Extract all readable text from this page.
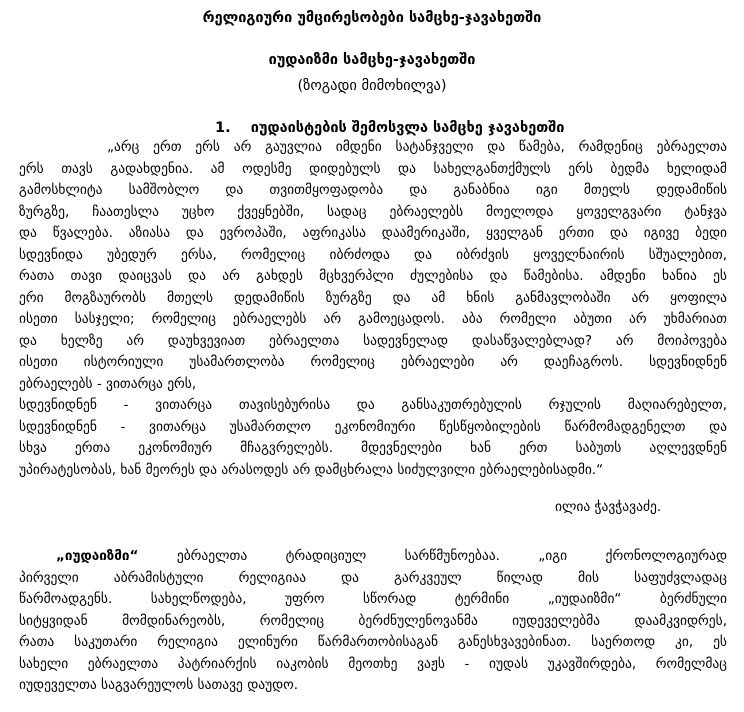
რელიგიური უმცირესობები სამცხე-ჯავახეთში
იუდაიზმი სამცხე-ჯავახეთში
(ზოგადი მიმოხილვა)
1. იუდაისტების შემოსვლა სამცხე ჯავახეთში
„არც ერთ ერს არ გაუვლია იმდენი სატანჯველი და წამება, რამდენიც ებრაელთა
ერს თავს გადახდენია. ამ ოდესმე დიდებულს და სახელგანთქმულს ერს ბედმა ხელიდამ
გამოსხლიტა სამშობლო და თვითმყოფადობა და განაბნია იგი მთელს დედამიწის
ზურგზე, ჩაათესლა უცხო ქვეყნებში, სადაც ებრაელებს მოელოდა ყოველგვარი ტანჯვა
და წვალება. აზიასა და ევროპაში, აფრიკასა დაამერიკაში, ყველგან ერთი და იგივე ბედი
სდევნიდა უბედურ ერსა, რომელიც იბრძოდა და იბრძვის ყოველნაირის სშუალებით,
რათა თავი დაიცვას და არ გახდეს მცხვერპლი ძულებისა და წამებისა. ამდენი ხანია ეს
ერი მოგზაურობს მთელს დედამიწის ზურგზე და ამ ხნის განმავლობაში არ ყოფილა
ისეთი სასჯელი; რომელიც ებრაელებს არ გამოეცადოს. აბა რომელი აბუთი არ უხმარიათ
და ხელზე არ დაუხვევიათ ებრაელთა სადევნელად დასაწვალებლად? არ მოიპოვება
ისეთი ისტორიული უსამართლობა რომელიც ებრაელები არ დაეჩაგროს. სდევნიდნენ
ებრაელებს - ვითარცა ერს,
სდევნიდნენ - ვითარცა თავისებურისა და განსაკუთრებულის რჯულის მაღიარებელთ,
სდევნიდნენ - ვითარცა უსამართლო ეკონომიური წესწყობილების წარმომადგენელთ და
სხვა ერთა ეკონომიურ მჩაგვრელებს. მდევნელები ხან ერთ საბუთს აღლევდნენ
უპირატესობას, ხან მეორეს და არასოდეს არ დამცხრალა სიძულვილი ებრაელებისადმი.“
ილია ჭავჭავაძე.
„იუდაიზმი“ ებრაელთა ტრადიციულ სარწმუნოებაა. „იგი ქრონოლოგიურად
პირველი აბრამისტული რელიგიაა და გარკვეულ წილად მის საფუძვლადაც
წარმოადგენს. სახელწოდება, უფრო სწორად ტერმინი „იუდაიზმი“ ბერძნული
სიტყვიდან მომდინარეობს, რომელიც ბერძნულენოვანმა იუდეველებმა დაამკვიდრეს,
რათა საკუთარი რელიგია ელინური წარმართობისაგან განესხვავებინათ. საერთოდ კი, ეს
სახელი ებრაელთა პატრიარქის იაკობის მეოთხე ვაჟს - იუდას უკავშირდება, რომელმაც
იუდეველთა საგვარეულოს სათავე დაუდო.
